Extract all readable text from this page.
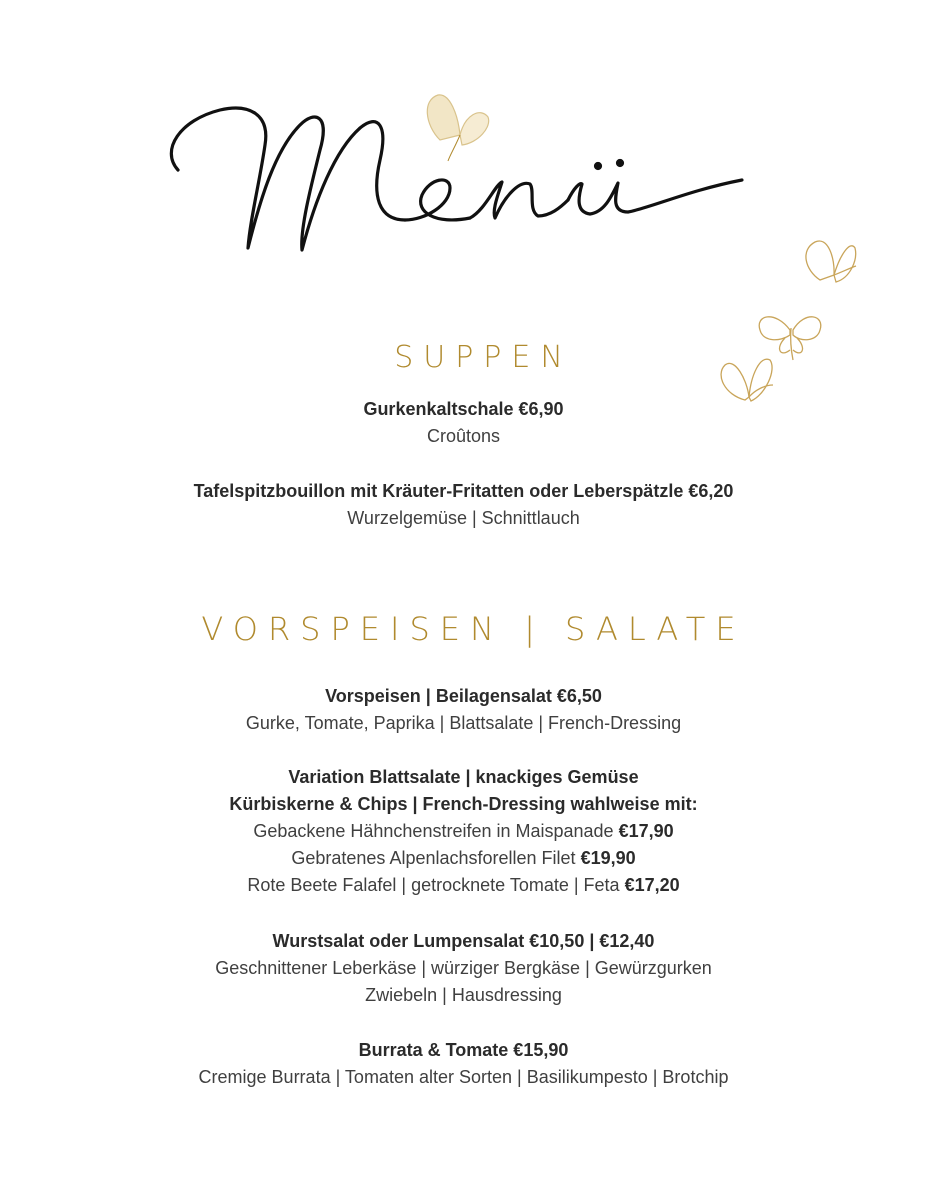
SUPPEN
Gurkenkaltschale €6,90
Croûtons
Tafelspitzbouillon mit Kräuter-Fritatten oder Leberspätzle €6,20
Wurzelgemüse | Schnittlauch
VORSPEISEN | SALATE
Vorspeisen | Beilagensalat €6,50
Gurke, Tomate, Paprika | Blattsalate | French-Dressing
Variation Blattsalate | knackiges Gemüse
Kürbiskerne & Chips | French-Dressing wahlweise mit:
Gebackene Hähnchenstreifen in Maispanade €17,90
Gebratenes Alpenlachsforellen Filet €19,90
Rote Beete Falafel | getrocknete Tomate | Feta €17,20
Wurstsalat oder Lumpensalat €10,50 | €12,40
Geschnittener Leberkäse | würziger Bergkäse | Gewürzgurken
Zwiebeln | Hausdressing
Burrata & Tomate €15,90
Cremige Burrata | Tomaten alter Sorten | Basilikumpesto | Brotchip
